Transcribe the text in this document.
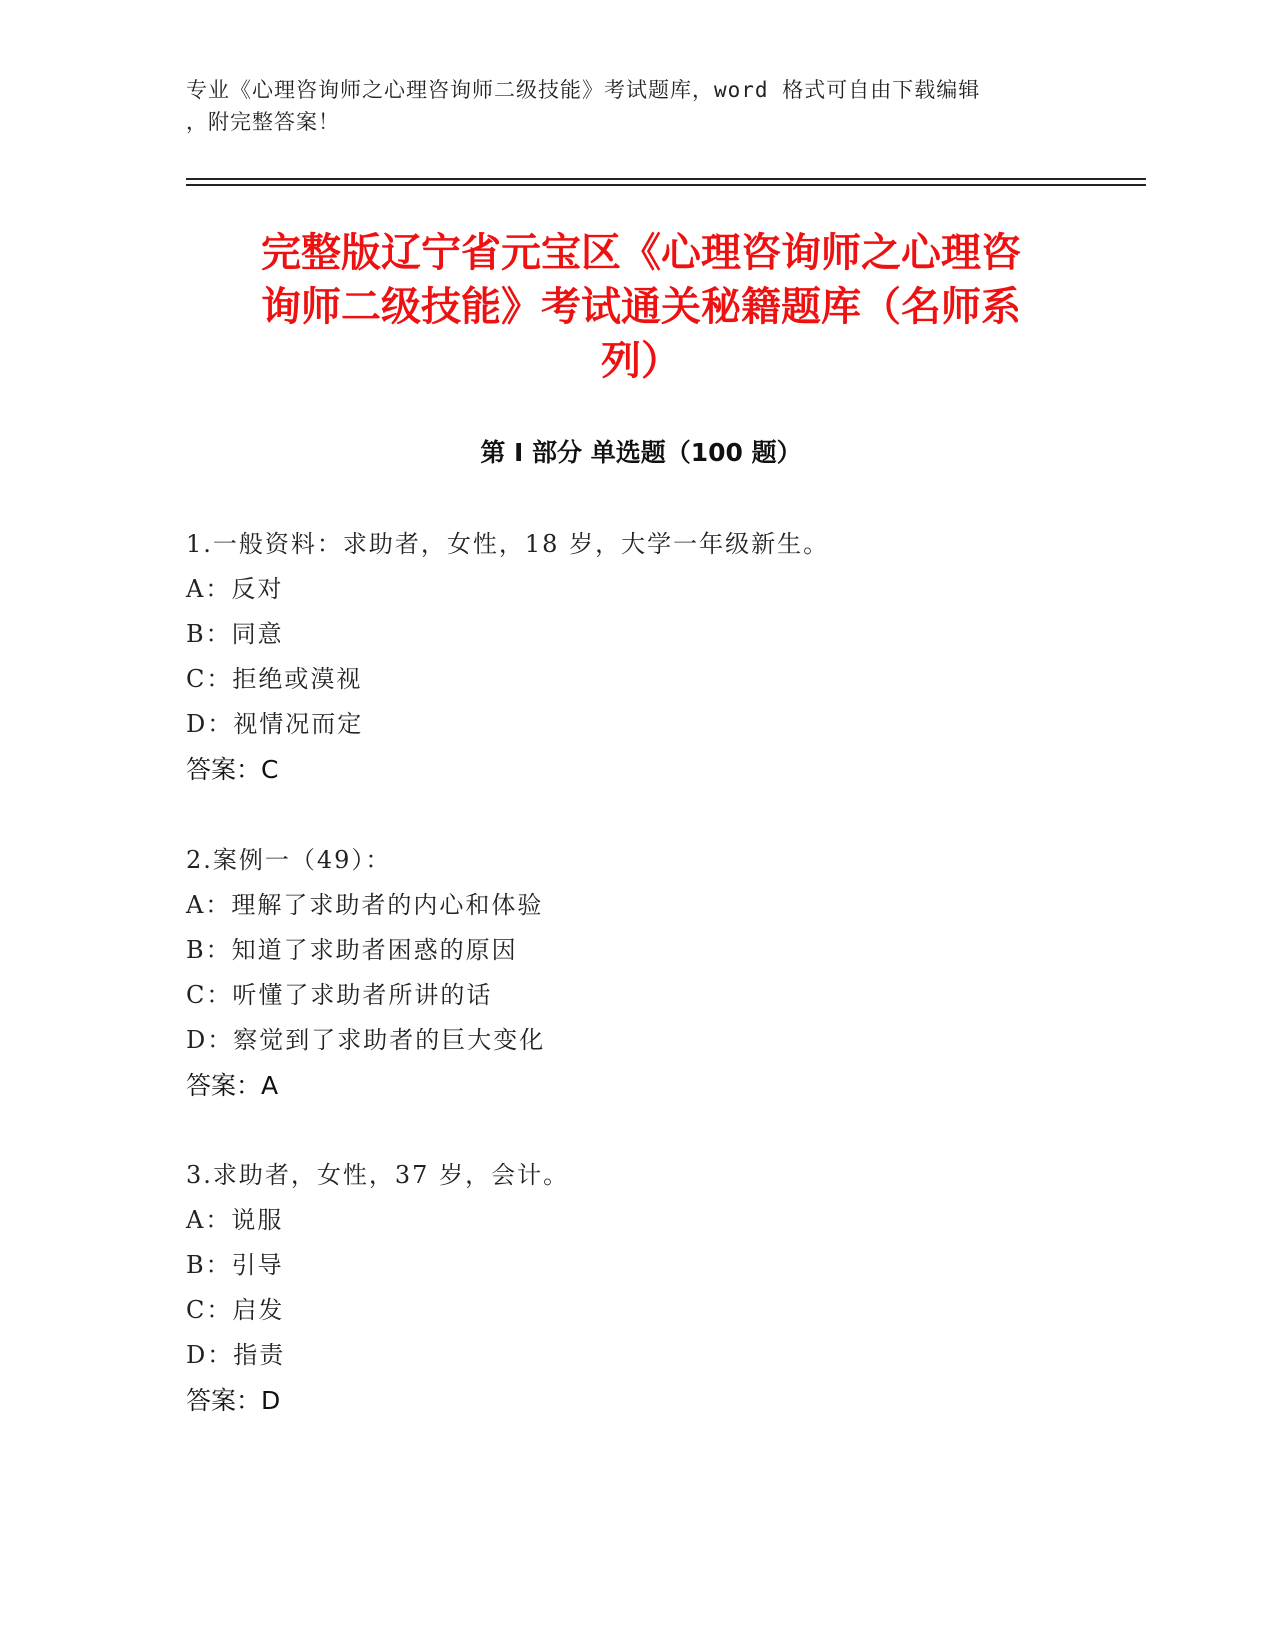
专业《心理咨询师之心理咨询师二级技能》考试题库，word 格式可自由下载编辑
，附完整答案！
完整版辽宁省元宝区《心理咨询师之心理咨
询师二级技能》考试通关秘籍题库（名师系
列）
第 I 部分 单选题（100 题）
1.一般资料：求助者，女性，18 岁，大学一年级新生。
A：反对
B：同意
C：拒绝或漠视
D：视情况而定
答案：C
2.案例一（49）：
A：理解了求助者的内心和体验
B：知道了求助者困惑的原因
C：听懂了求助者所讲的话
D：察觉到了求助者的巨大变化
答案：A
3.求助者，女性，37 岁，会计。
A：说服
B：引导
C：启发
D：指责
答案：D
